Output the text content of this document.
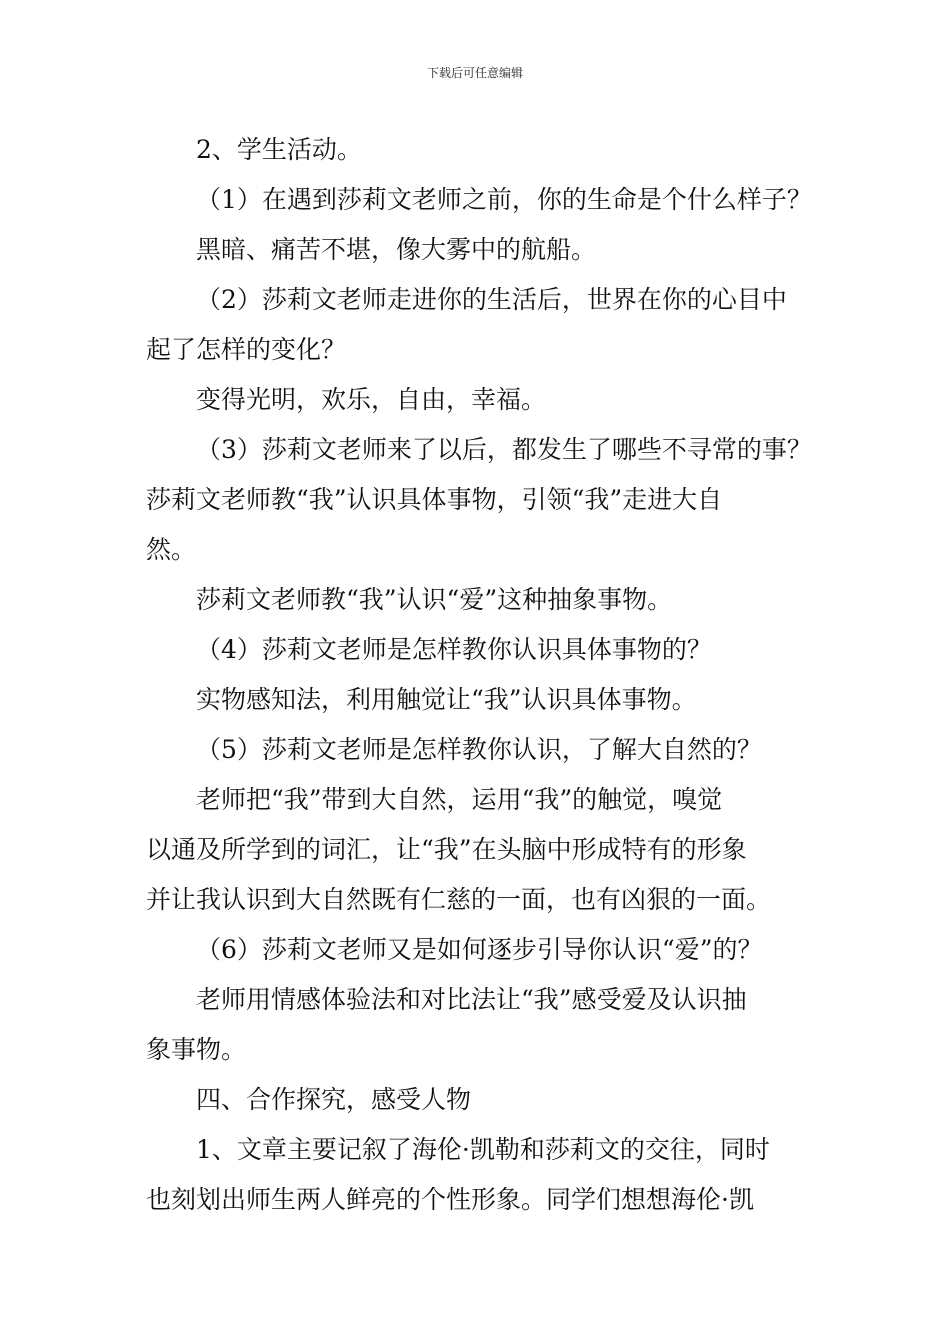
下载后可任意编辑
2、学生活动。
（1）在遇到莎莉文老师之前，你的生命是个什么样子？
黑暗、痛苦不堪，像大雾中的航船。
（2）莎莉文老师走进你的生活后，世界在你的心目中
起了怎样的变化？
变得光明，欢乐，自由，幸福。
（3）莎莉文老师来了以后，都发生了哪些不寻常的事？
莎莉文老师教“我”认识具体事物，引领“我”走进大自
然。
莎莉文老师教“我”认识“爱”这种抽象事物。
（4）莎莉文老师是怎样教你认识具体事物的？
实物感知法，利用触觉让“我”认识具体事物。
（5）莎莉文老师是怎样教你认识，了解大自然的？
老师把“我”带到大自然，运用“我”的触觉，嗅觉
以通及所学到的词汇，让“我”在头脑中形成特有的形象
并让我认识到大自然既有仁慈的一面，也有凶狠的一面。
（6）莎莉文老师又是如何逐步引导你认识“爱”的？
老师用情感体验法和对比法让“我”感受爱及认识抽
象事物。
四、合作探究，感受人物
1、文章主要记叙了海伦·凯勒和莎莉文的交往，同时
也刻划出师生两人鲜亮的个性形象。同学们想想海伦·凯
